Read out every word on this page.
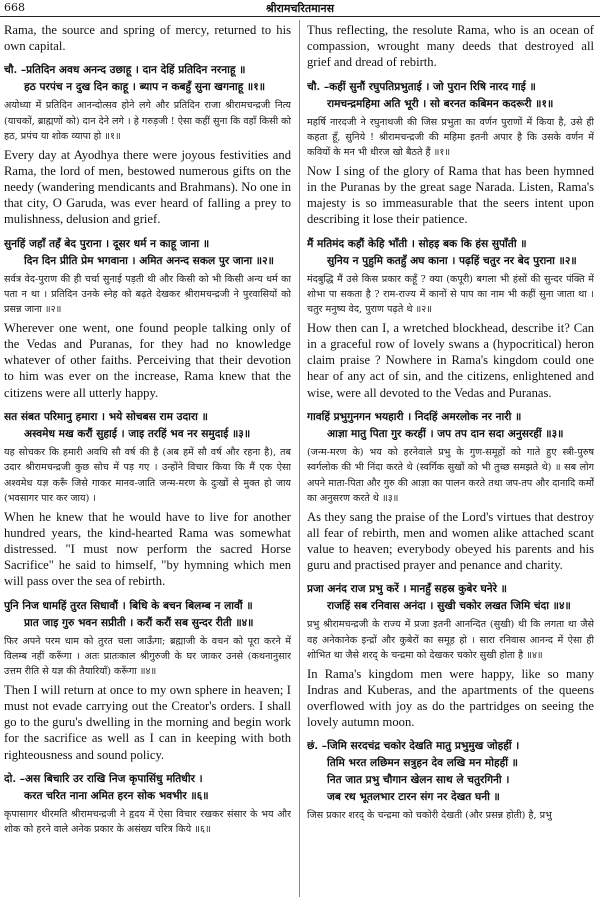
668	श्रीरामचरितमानस

Rama, the source and spring of mercy, returned to his own capital.

चौ. –प्रतिदिन अवध अनन्द उछाहू । दान देहिं प्रतिदिन नरनाहू ॥
हठ परपंच न दुख दिन काहू । ब्याप न कबहुँ सुना खगनाहू ॥१॥

अयोध्या में प्रतिदिन आनन्दोत्सव होने लगे और प्रतिदिन राजा श्रीरामचन्द्रजी नित्य (याचकों, ब्राह्मणों को) दान देने लगे । हे गरुड़जी ! ऐसा कहीं सुना कि वहाँ किसी को हठ, प्रपंच या शोक व्यापा हो ॥१॥

Every day at Ayodhya there were joyous festivities and Rama, the lord of men, bestowed numerous gifts on the needy (wandering mendicants and Brahmans). No one in that city, O Garuda, was ever heard of falling a prey to mulishness, delusion and grief.

सुनहिं जहाँ तहँ बेद पुराना । दूसर धर्म न काहू जाना ॥
दिन दिन प्रीति प्रेम भगवाना । अमित अनन्द सकल पुर जाना ॥२॥

सर्वत्र वेद-पुराण की ही चर्चा सुनाई पड़ती थी और किसी को भी किसी अन्य धर्म का पता न था । प्रतिदिन उनके स्नेह को बढ़ते देखकर श्रीरामचन्द्रजी ने पुरवासियों को प्रसन्न जाना ॥२॥

Wherever one went, one found people talking only of the Vedas and Puranas, for they had no knowledge whatever of other faiths. Perceiving that their devotion to him was ever on the increase, Rama knew that the citizens were all utterly happy.

सत संबत परिमानु हमारा । भये सोचबस राम उदारा ॥
अस्वमेध मख करौं सुहाई । जाइ तरहिं भव नर समुदाई ॥३॥

यह सोचकर कि हमारी अवधि सौ वर्ष की है (अब हमें सौ वर्ष और रहना है), तब उदार श्रीरामचन्द्रजी कुछ सोच में पड़ गए । उन्होंने विचार किया कि मैं एक ऐसा अश्वमेध यज्ञ करूँ जिसे गाकर मानव-जाति जन्म-मरण के दुःखों से मुक्त हो जाय (भवसागर पार कर जाय) ।

When he knew that he would have to live for another hundred years, the kind-hearted Rama was somewhat distressed. "I must now perform the sacred Horse Sacrifice" he said to himself, "by hymning which men will pass over the sea of rebirth.

पुनि निज धामहिं तुरत सिधावौं । बिधि के बचन बिलम्ब न लावौं ॥
प्रात जाइ गुरु भवन सप्रीती । करौं करौं सब सुन्दर रीती ॥४॥

फिर अपने परम धाम को तुरत चला जाऊँगा; ब्रह्माजी के वचन को पूरा करने में विलम्ब नहीं करूँगा । अतः प्रातःकाल श्रीगुरुजी के घर जाकर उनसे (कथनानुसार उत्तम रीति से यज्ञ की तैयारियाँ) करूँगा ॥४॥

Then I will return at once to my own sphere in heaven; I must not evade carrying out the Creator's orders. I shall go to the guru's dwelling in the morning and begin work for the sacrifice as well as I can in keeping with both righteousness and sound policy.

दो. –अस बिचारि उर राखि निज कृपासिंधु मतिधीर ।
करत चरित नाना अमित हरन सोक भवभीर ॥६॥

कृपासागर धीरमति श्रीरामचन्द्रजी ने हृदय में ऐसा विचार रखकर संसार के भय और शोक को हरने वाले अनेक प्रकार के असंख्य चरित्र किये ॥६॥

Thus reflecting, the resolute Rama, who is an ocean of compassion, wrought many deeds that destroyed all grief and dread of rebirth.

चौ. –कहीं सुनौं रघुपतिप्रभुताई । जो पुरान रिषि नारद गाई ॥
रामचन्द्रमहिमा अति भूरी । सो बरनत कबिमन कदरूरी ॥१॥

महर्षि नारदजी ने रघुनाथजी की जिस प्रभुता का वर्णन पुराणों में किया है, उसे ही कहता हूँ, सुनिये ! श्रीरामचन्द्रजी की महिमा इतनी अपार है कि उसके वर्णन में कवियों के मन भी धीरज खो बैठते हैं ॥१॥

Now I sing of the glory of Rama that has been hymned in the Puranas by the great sage Narada. Listen, Rama's majesty is so immeasurable that the seers intent upon describing it lose their patience.

मैं मतिमंद कहौं केहि भाँती । सोहइ बक कि हंस सुपाँती ॥
सुनिय न पुहुमि कतहुँ अघ काना । पढ़हिं चतुर नर बेद पुराना ॥२॥

मंदबुद्धि मैं उसे किस प्रकार कहूँ ? क्या (कपूरी) बगला भी हंसों की सुन्दर पंक्ति में शोभा पा सकता है ? राम-राज्य में कानों से पाप का नाम भी कहीं सुना जाता था । चतुर मनुष्य वेद, पुराण पढ़ते थे ॥२॥

How then can I, a wretched blockhead, describe it? Can in a graceful row of lovely swans a (hypocritical) heron claim praise ? Nowhere in Rama's kingdom could one hear of any act of sin, and the citizens, enlightened and wise, were all devoted to the Vedas and Puranas.

गावहिं प्रभुगुनगन भयहारी । निदहिं अमरलोक नर नारी ॥
आज्ञा मातु पिता गुर करहीं । जप तप दान सदा अनुसरहीं ॥३॥

(जन्म-मरण के) भय को हरनेवाले प्रभु के गुण-समूहों को गाते हुए स्त्री-पुरुष स्वर्गलोक की भी निंदा करते थे (स्वर्गिक सुखों को भी तुच्छ समझते थे) ॥ सब लोग अपने माता-पिता और गुरु की आज्ञा का पालन करते तथा जप-तप और दानादि कर्मों का अनुसरण करते थे ॥३॥

As they sang the praise of the Lord's virtues that destroy all fear of rebirth, men and women alike attached scant value to heaven; everybody obeyed his parents and his guru and practised prayer and penance and charity.

प्रजा अनंद राज प्रभु करें । मानहुँ सहस्र कुबेर घनेरे ॥
राजहिं सब रनिवास अनंदा । सुखी चकोर लखत जिमि चंदा ॥४॥

प्रभु श्रीरामचन्द्रजी के राज्य में प्रजा इतनी आनन्दित (सुखी) थी कि लगता था जैसे वह अनेकानेक इन्द्रों और कुबेरों का समूह हो । सारा रनिवास आनन्द में ऐसा ही शोभित था जैसे शरद् के चन्द्रमा को देखकर चकोर सुखी होता है ॥४॥

In Rama's kingdom men were happy, like so many Indras and Kuberas, and the apartments of the queens overflowed with joy as do the partridges on seeing the lovely autumn moon.

छं. –जिमि सरदचंद्र चकोर देखति मातु प्रभुमुख जोहहीं ।
तिमि भरत लछिमन सत्रुहन देव लखि मन मोहहीं ॥
नित जात प्रभु चौगान खेलन साथ ले चतुरगिनी ।
जब रथ भूतलभार टारन संग नर देखत घनी ॥

जिस प्रकार शरद् के चन्द्रमा को चकोरी देखती (और प्रसन्न होती) है, प्रभु
